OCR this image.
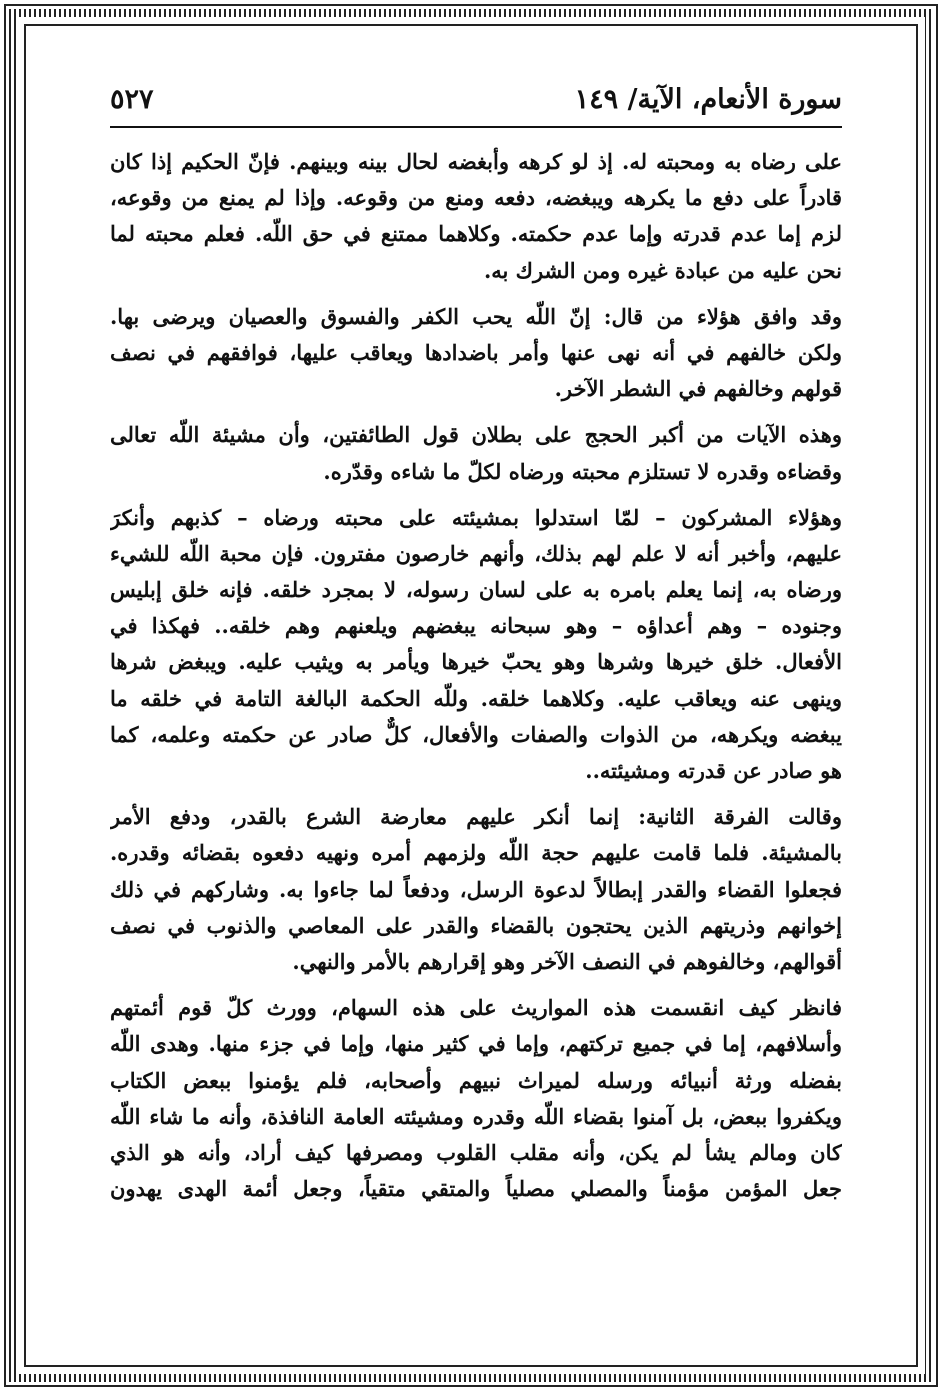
سورة الأنعام، الآية/ ١٤٩
٥٢٧
على رضاه به ومحبته له. إذ لو كرهه وأبغضه لحال بينه وبينهم. فإنّ الحكيم إذا كان
قادراً على دفع ما يكرهه ويبغضه، دفعه ومنع من وقوعه. وإذا لم يمنع من وقوعه،
لزم إما عدم قدرته وإما عدم حكمته. وكلاهما ممتنع في حق اللّه. فعلم محبته لما
نحن عليه من عبادة غيره ومن الشرك به.
وقد وافق هؤلاء من قال: إنّ اللّه يحب الكفر والفسوق والعصيان ويرضى بها.
ولكن خالفهم في أنه نهى عنها وأمر باضدادها ويعاقب عليها، فوافقهم في نصف
قولهم وخالفهم في الشطر الآخر.
وهذه الآيات من أكبر الحجج على بطلان قول الطائفتين، وأن مشيئة اللّه تعالى
وقضاءه وقدره لا تستلزم محبته ورضاه لكلّ ما شاءه وقدّره.
وهؤلاء المشركون – لمّا استدلوا بمشيئته على محبته ورضاه – كذبهم وأنكرَ
عليهم، وأخبر أنه لا علم لهم بذلك، وأنهم خارصون مفترون. فإن محبة اللّه للشيء
ورضاه به، إنما يعلم بامره به على لسان رسوله، لا بمجرد خلقه. فإنه خلق إبليس
وجنوده – وهم أعداؤه – وهو سبحانه يبغضهم ويلعنهم وهم خلقه.. فهكذا في
الأفعال. خلق خيرها وشرها وهو يحبّ خيرها ويأمر به ويثيب عليه. ويبغض شرها
وينهى عنه ويعاقب عليه. وكلاهما خلقه. وللّه الحكمة البالغة التامة في خلقه ما
يبغضه ويكرهه، من الذوات والصفات والأفعال، كلٌّ صادر عن حكمته وعلمه، كما
هو صادر عن قدرته ومشيئته..
وقالت الفرقة الثانية: إنما أنكر عليهم معارضة الشرع بالقدر، ودفع الأمر
بالمشيئة. فلما قامت عليهم حجة اللّه ولزمهم أمره ونهيه دفعوه بقضائه وقدره.
فجعلوا القضاء والقدر إبطالاً لدعوة الرسل، ودفعاً لما جاءوا به. وشاركهم في ذلك
إخوانهم وذريتهم الذين يحتجون بالقضاء والقدر على المعاصي والذنوب في نصف
أقوالهم، وخالفوهم في النصف الآخر وهو إقرارهم بالأمر والنهي.
فانظر كيف انقسمت هذه المواريث على هذه السهام، وورث كلّ قوم أئمتهم
وأسلافهم، إما في جميع تركتهم، وإما في كثير منها، وإما في جزء منها. وهدى اللّه
بفضله ورثة أنبيائه ورسله لميراث نبيهم وأصحابه، فلم يؤمنوا ببعض الكتاب
ويكفروا ببعض، بل آمنوا بقضاء اللّه وقدره ومشيئته العامة النافذة، وأنه ما شاء اللّه
كان ومالم يشأ لم يكن، وأنه مقلب القلوب ومصرفها كيف أراد، وأنه هو الذي
جعل المؤمن مؤمناً والمصلي مصلياً والمتقي متقياً، وجعل أئمة الهدى يهدون
